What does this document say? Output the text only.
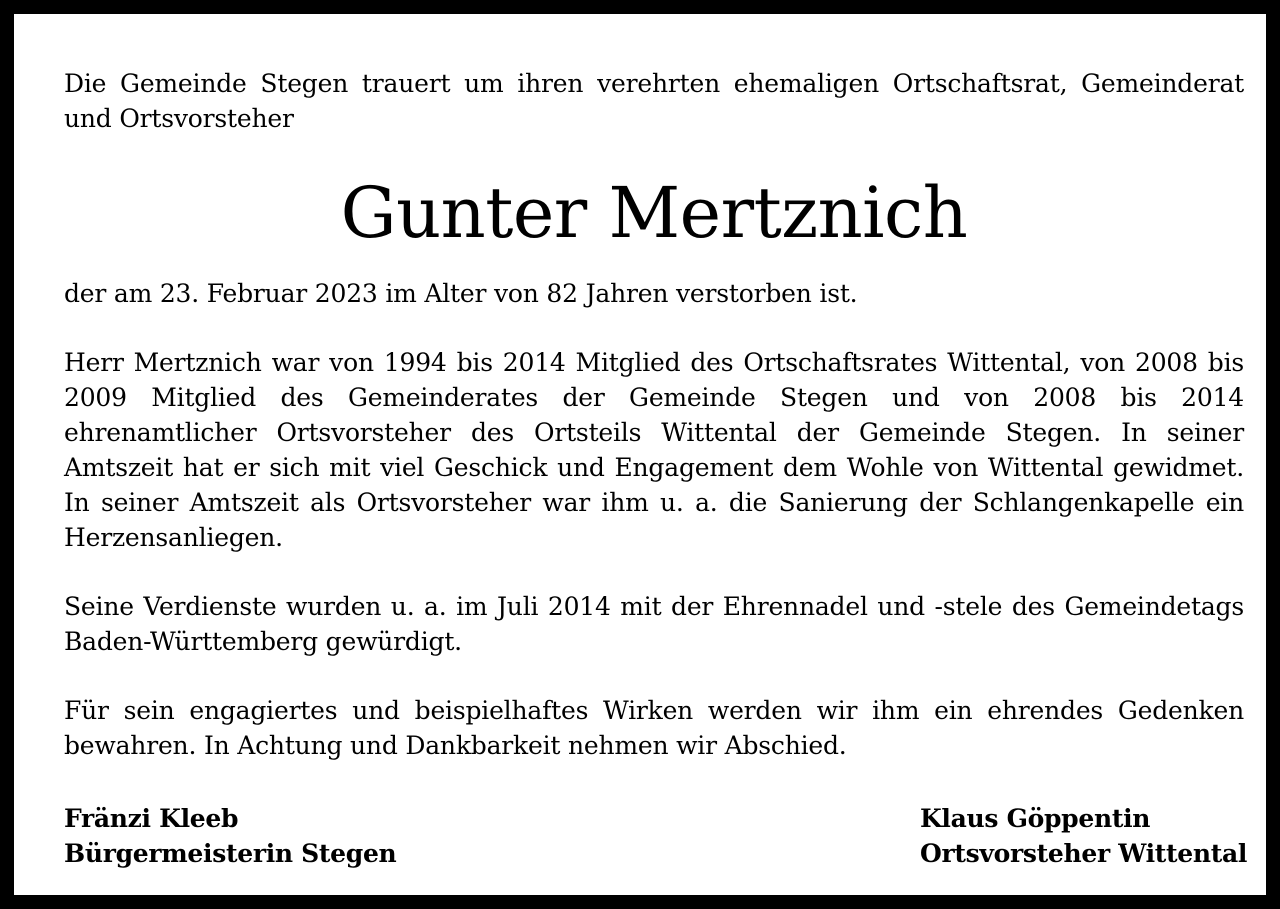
Die Gemeinde Stegen trauert um ihren verehrten ehemaligen Ortschaftsrat, Gemeinderat und Ortsvorsteher

Gunter Mertznich

der am 23. Februar 2023 im Alter von 82 Jahren verstorben ist.

Herr Mertznich war von 1994 bis 2014 Mitglied des Ortschaftsrates Wittental, von 2008 bis 2009 Mitglied des Gemeinderates der Gemeinde Stegen und von 2008 bis 2014 ehrenamtlicher Ortsvorsteher des Ortsteils Wittental der Gemeinde Stegen. In seiner Amtszeit hat er sich mit viel Geschick und Engagement dem Wohle von Wittental gewidmet. In seiner Amtszeit als Ortsvorsteher war ihm u. a. die Sanierung der Schlangenkapelle ein Herzensanliegen.

Seine Verdienste wurden u. a. im Juli 2014 mit der Ehrennadel und -stele des Gemeindetags Baden-Württemberg gewürdigt.

Für sein engagiertes und beispielhaftes Wirken werden wir ihm ein ehrendes Gedenken bewahren. In Achtung und Dankbarkeit nehmen wir Abschied.

Fränzi Kleeb
Bürgermeisterin Stegen
Klaus Göppentin
Ortsvorsteher Wittental
